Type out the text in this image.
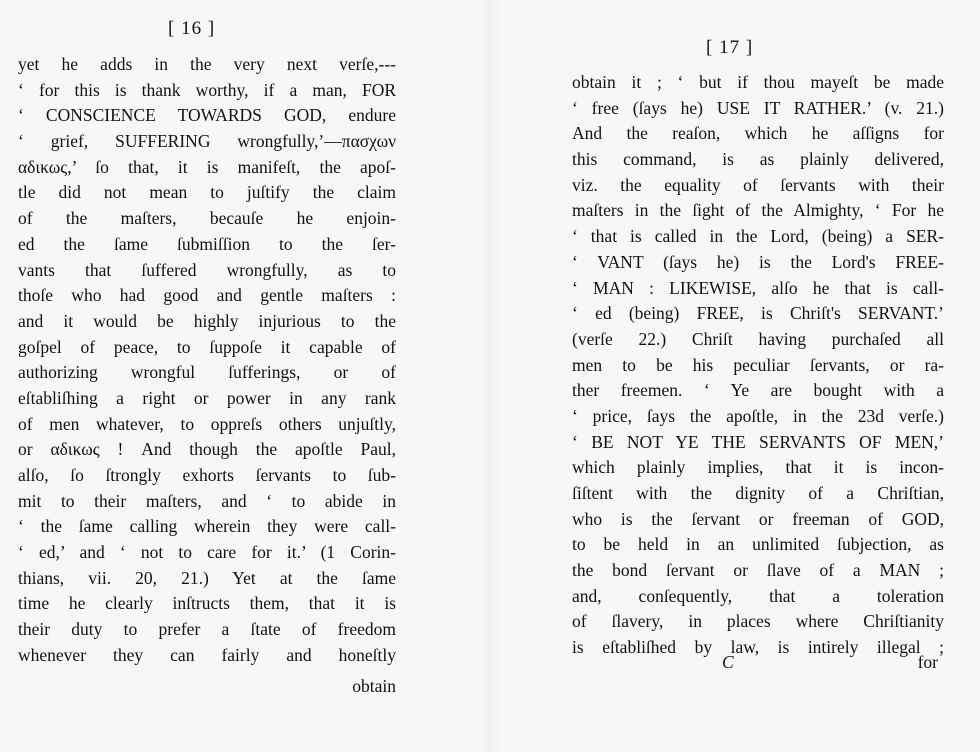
[ 16 ]
yet he adds in the very next verſe,---
‘ for this is thank worthy, if a man, FOR
‘ CONSCIENCE TOWARDS GOD, endure
‘ grief, SUFFERING wrongfully,’—πασχων
αδικως,’ ſo that, it is manifeſt, the apoſ-
tle did not mean to juſtify the claim
of the maſters, becauſe he enjoin-
ed the ſame ſubmiſſion to the ſer-
vants that ſuffered wrongfully, as to
thoſe who had good and gentle maſters :
and it would be highly injurious to the
goſpel of peace, to ſuppoſe it capable of
authorizing wrongful ſufferings, or of
eſtabliſhing a right or power in any rank
of men whatever, to oppreſs others unjuſtly,
or αδικως ! And though the apoſtle Paul,
alſo, ſo ſtrongly exhorts ſervants to ſub-
mit to their maſters, and ‘ to abide in
‘ the ſame calling wherein they were call-
‘ ed,’ and ‘ not to care for it.’ (1 Corin-
thians, vii. 20, 21.) Yet at the ſame
time he clearly inſtructs them, that it is
their duty to prefer a ſtate of freedom
whenever they can fairly and honeſtly
obtain
[ 17 ]
obtain it ; ‘ but if thou mayeſt be made
‘ free (ſays he) USE IT RATHER.’ (v. 21.)
And the reaſon, which he aſſigns for
this command, is as plainly delivered,
viz. the equality of ſervants with their
maſters in the ſight of the Almighty, ‘ For he
‘ that is called in the Lord, (being) a SER-
‘ VANT (ſays he) is the Lord's FREE-
‘ MAN : LIKEWISE, alſo he that is call-
‘ ed (being) FREE, is Chriſt's SERVANT.’
(verſe 22.) Chriſt having purchaſed all
men to be his peculiar ſervants, or ra-
ther freemen. ‘ Ye are bought with a
‘ price, ſays the apoſtle, in the 23d verſe.)
‘ BE NOT YE THE SERVANTS OF MEN,’
which plainly implies, that it is incon-
ſiſtent with the dignity of a Chriſtian,
who is the ſervant or freeman of GOD,
to be held in an unlimited ſubjection, as
the bond ſervant or ſlave of a MAN ;
and, conſequently, that a toleration
of ſlavery, in places where Chriſtianity
is eſtabliſhed by law, is intirely illegal ;
C	for
